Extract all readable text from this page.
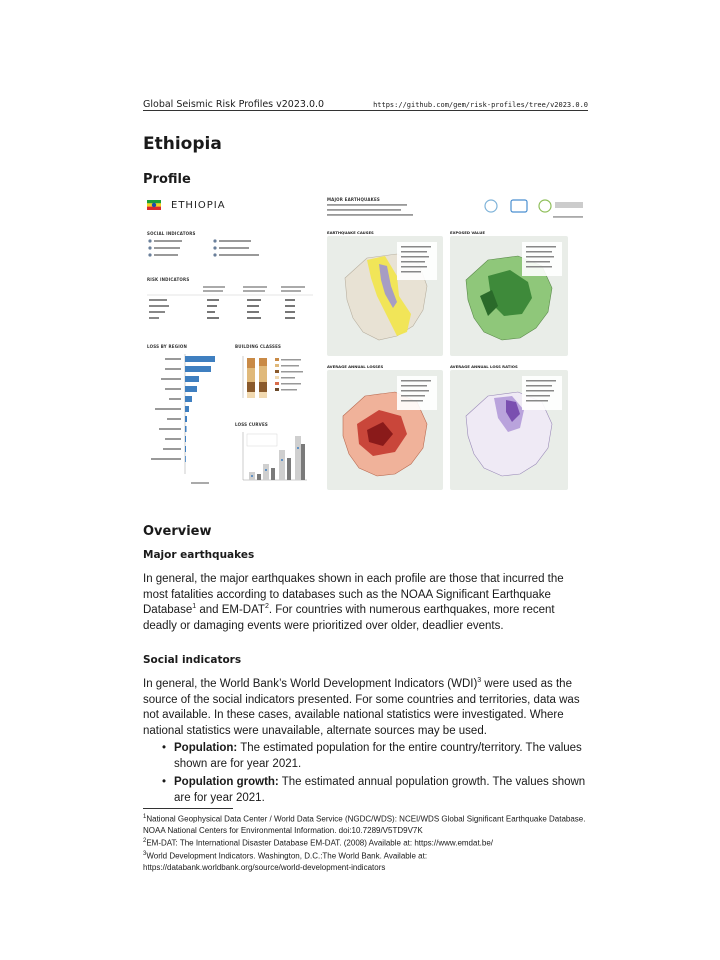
Global Seismic Risk Profiles v2023.0.0	https://github.com/gem/risk-profiles/tree/v2023.0.0
Ethiopia
Profile
ETHIOPIA
SOCIAL INDICATORS
RISK INDICATORS
LOSS BY REGION	BUILDING CLASSES
LOSS CURVES
MAJOR EARTHQUAKES
EARTHQUAKE CAUSES	EXPOSED VALUE
AVERAGE ANNUAL LOSSES	AVERAGE ANNUAL LOSS RATIOS
Overview
Major earthquakes

In general, the major earthquakes shown in each profile are those that incurred the most fatalities according to databases such as the NOAA Significant Earthquake Database$^1$ and EM-DAT$^2$. For countries with numerous earthquakes, more recent deadly or damaging events were prioritized over older, deadlier events.

Social indicators

In general, the World Bank’s World Development Indicators (WDI)$^3$ were used as the source of the social indicators presented. For some countries and territories, data was not available. In these cases, available national statistics were investigated. Where national statistics were unavailable, alternate sources may be used.

• Population: The estimated population for the entire country/territory. The values shown are for year 2021.
• Population growth: The estimated annual population growth. The values shown are for year 2021.
$^1$National Geophysical Data Center / World Data Service (NGDC/WDS): NCEI/WDS Global Significant Earthquake Database. NOAA National Centers for Environmental Information. doi:10.7289/V5TD9V7K
$^2$EM-DAT: The International Disaster Database EM-DAT. (2008) Available at: https://www.emdat.be/
$^3$World Development Indicators. Washington, D.C.:The World Bank. Available at: https://databank.worldbank.org/source/world-development-indicators
